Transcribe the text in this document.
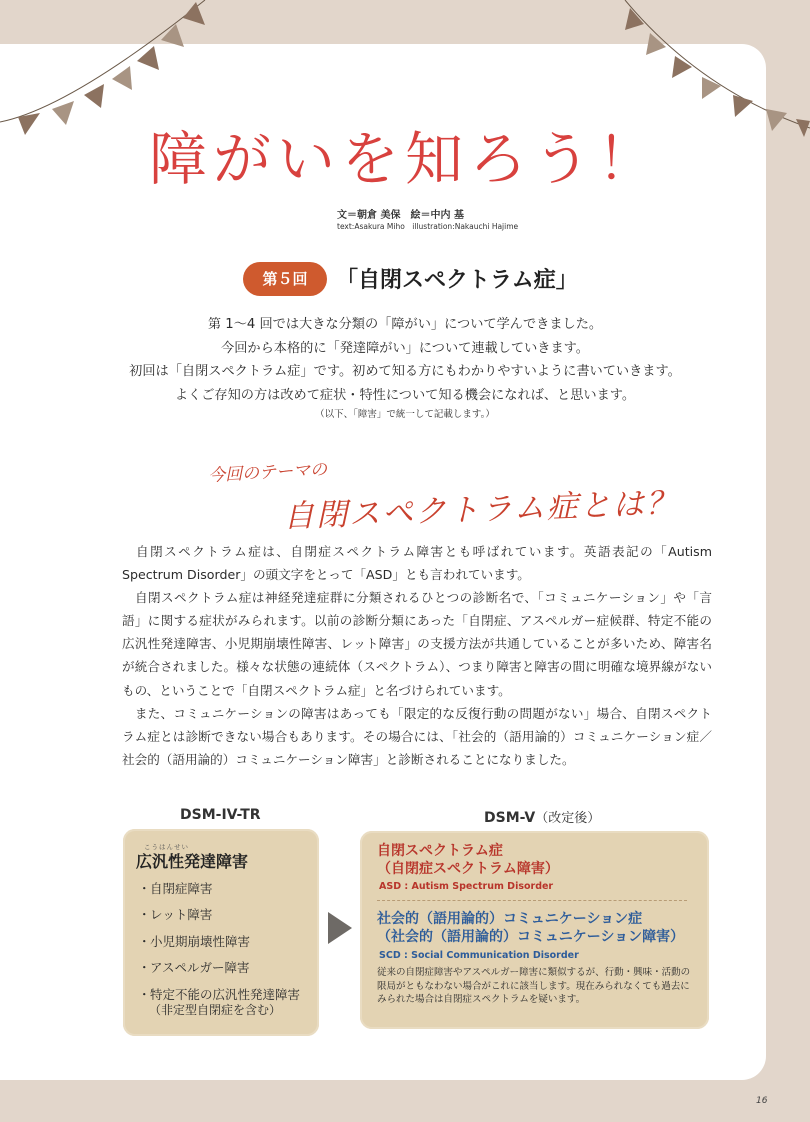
障がいを知ろう！
文＝朝倉 美保　絵＝中内 基
text:Asakura Miho　illustration:Nakauchi Hajime
第５回	「自閉スペクトラム症」
第 1〜4 回では大きな分類の「障がい」について学んできました。
今回から本格的に「発達障がい」について連載していきます。
初回は「自閉スペクトラム症」です。初めて知る方にもわかりやすいように書いていきます。
よくご存知の方は改めて症状・特性について知る機会になれば、と思います。
（以下、「障害」で統一して記載します。）
今回のテーマの
自閉スペクトラム症とは？

　自閉スペクトラム症は、自閉症スペクトラム障害とも呼ばれています。英語表記の「Autism Spectrum Disorder」の頭文字をとって「ASD」とも言われています。

　自閉スペクトラム症は神経発達症群に分類されるひとつの診断名で、「コミュニケーション」や「言語」に関する症状がみられます。以前の診断分類にあった「自閉症、アスペルガー症候群、特定不能の広汎性発達障害、小児期崩壊性障害、レット障害」の支援方法が共通していることが多いため、障害名が統合されました。様々な状態の連続体（スペクトラム）、つまり障害と障害の間に明確な境界線がないもの、ということで「自閉スペクトラム症」と名づけられています。

　また、コミュニケーションの障害はあっても「限定的な反復行動の問題がない」場合、自閉スペクトラム症とは診断できない場合もあります。その場合には、「社会的（語用論的）コミュニケーション症／社会的（語用論的）コミュニケーション障害」と診断されることになりました。

DSM-IV-TR	DSM-V（改定後）
こうはんせい
広汎性発達障害
・自閉症障害
・レット障害
・小児期崩壊性障害
・アスペルガー障害
・特定不能の広汎性発達障害
（非定型自閉症を含む）
自閉スペクトラム症
（自閉症スペクトラム障害）
ASD : Autism Spectrum Disorder
社会的（語用論的）コミュニケーション症
（社会的（語用論的）コミュニケーション障害）
SCD : Social Communication Disorder
従来の自閉症障害やアスペルガー障害に類似するが、行動・興味・活動の限局がともなわない場合がこれに該当します。現在みられなくても過去にみられた場合は自閉症スペクトラムを疑います。
16
